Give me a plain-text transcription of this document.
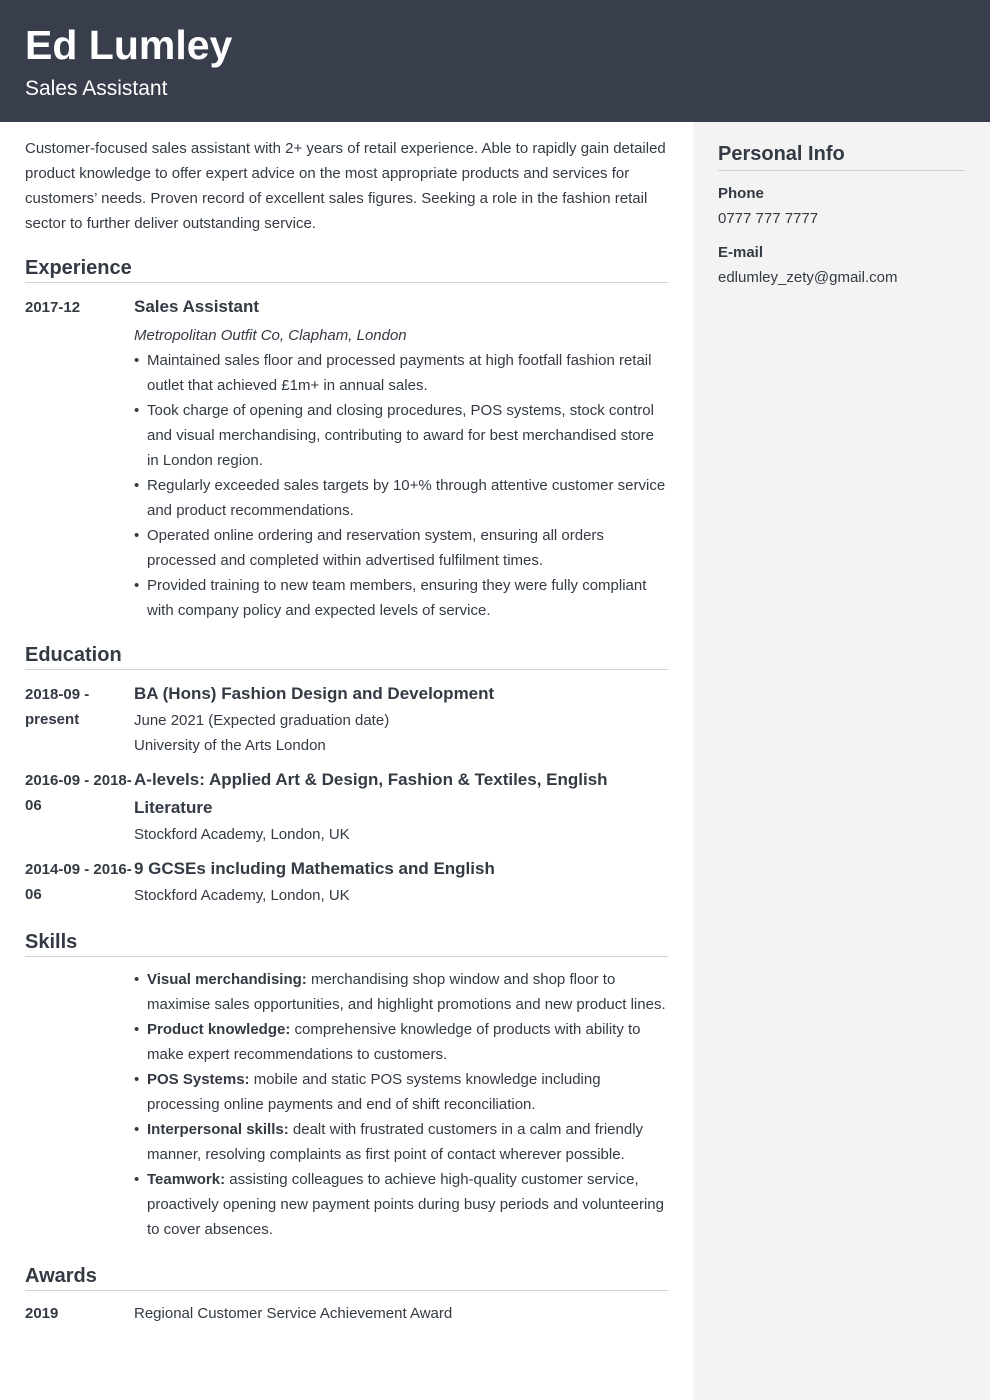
Ed Lumley
Sales Assistant

Customer-focused sales assistant with 2+ years of retail experience. Able to rapidly gain detailed product knowledge to offer expert advice on the most appropriate products and services for customers’ needs. Proven record of excellent sales figures. Seeking a role in the fashion retail sector to further deliver outstanding service.

Experience
2017-12	Sales Assistant
Metropolitan Outfit Co, Clapham, London
• Maintained sales floor and processed payments at high footfall fashion retail outlet that achieved £1m+ in annual sales.
• Took charge of opening and closing procedures, POS systems, stock control and visual merchandising, contributing to award for best merchandised store in London region.
• Regularly exceeded sales targets by 10+% through attentive customer service and product recommendations.
• Operated online ordering and reservation system, ensuring all orders processed and completed within advertised fulfilment times.
• Provided training to new team members, ensuring they were fully compliant with company policy and expected levels of service.
Education
2018-09 - present
BA (Hons) Fashion Design and Development
June 2021 (Expected graduation date)
University of the Arts London
2016-09 - 2018-06
A-levels: Applied Art & Design, Fashion & Textiles, English Literature
Stockford Academy, London, UK
2014-09 - 2016-06
9 GCSEs including Mathematics and English
Stockford Academy, London, UK
Skills
• Visual merchandising: merchandising shop window and shop floor to maximise sales opportunities, and highlight promotions and new product lines.
• Product knowledge: comprehensive knowledge of products with ability to make expert recommendations to customers.
• POS Systems: mobile and static POS systems knowledge including processing online payments and end of shift reconciliation.
• Interpersonal skills: dealt with frustrated customers in a calm and friendly manner, resolving complaints as first point of contact wherever possible.
• Teamwork: assisting colleagues to achieve high-quality customer service, proactively opening new payment points during busy periods and volunteering to cover absences.
Awards
2019	Regional Customer Service Achievement Award
Personal Info
Phone
0777 777 7777
E-mail
edlumley_zety@gmail.com
